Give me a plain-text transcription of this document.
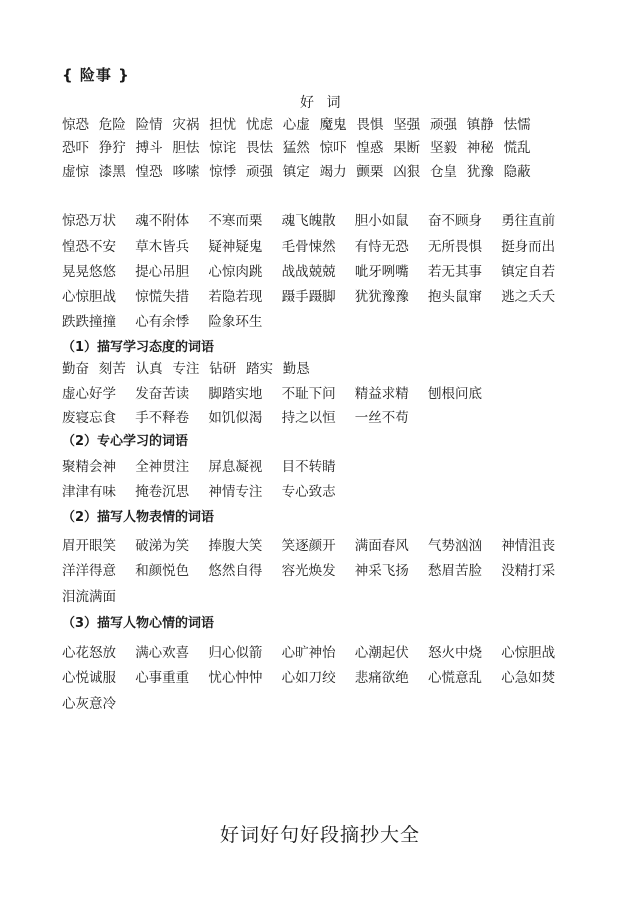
{ 险事 }
好 词
惊恐 危险 险情 灾祸 担忧 忧虑 心虚 魔鬼 畏惧 坚强 顽强 镇静 怯懦
恐吓 狰狞 搏斗 胆怯 惊诧 畏怯 猛然 惊吓 惶惑 果断 坚毅 神秘 慌乱
虚惊 漆黑 惶恐 哆嗦 惊悸 顽强 镇定 竭力 颤栗 凶狠 仓皇 犹豫 隐蔽
惊恐万状 魂不附体 不寒而栗 魂飞魄散 胆小如鼠 奋不顾身 勇往直前
惶恐不安 草木皆兵 疑神疑鬼 毛骨悚然 有恃无恐 无所畏惧 挺身而出
晃晃悠悠 提心吊胆 心惊肉跳 战战兢兢 呲牙咧嘴 若无其事 镇定自若
心惊胆战 惊慌失措 若隐若现 蹑手蹑脚 犹犹豫豫 抱头鼠窜 逃之夭夭
跌跌撞撞 心有余悸 险象环生
（1）描写学习态度的词语
勤奋 刻苦 认真 专注 钻研 踏实 勤恳
虚心好学 发奋苦读 脚踏实地 不耻下问 精益求精 刨根问底
废寝忘食 手不释卷 如饥似渴 持之以恒 一丝不苟
（2）专心学习的词语
聚精会神 全神贯注 屏息凝视 目不转睛
津津有味 掩卷沉思 神情专注 专心致志
（2）描写人物表情的词语
眉开眼笑 破涕为笑 捧腹大笑 笑逐颜开 满面春风 气势汹汹 神情沮丧
洋洋得意 和颜悦色 悠然自得 容光焕发 神采飞扬 愁眉苦脸 没精打采
泪流满面
（3）描写人物心情的词语
心花怒放 满心欢喜 归心似箭 心旷神怡 心潮起伏 怒火中烧 心惊胆战
心悦诚服 心事重重 忧心忡忡 心如刀绞 悲痛欲绝 心慌意乱 心急如焚
心灰意冷
好词好句好段摘抄大全
